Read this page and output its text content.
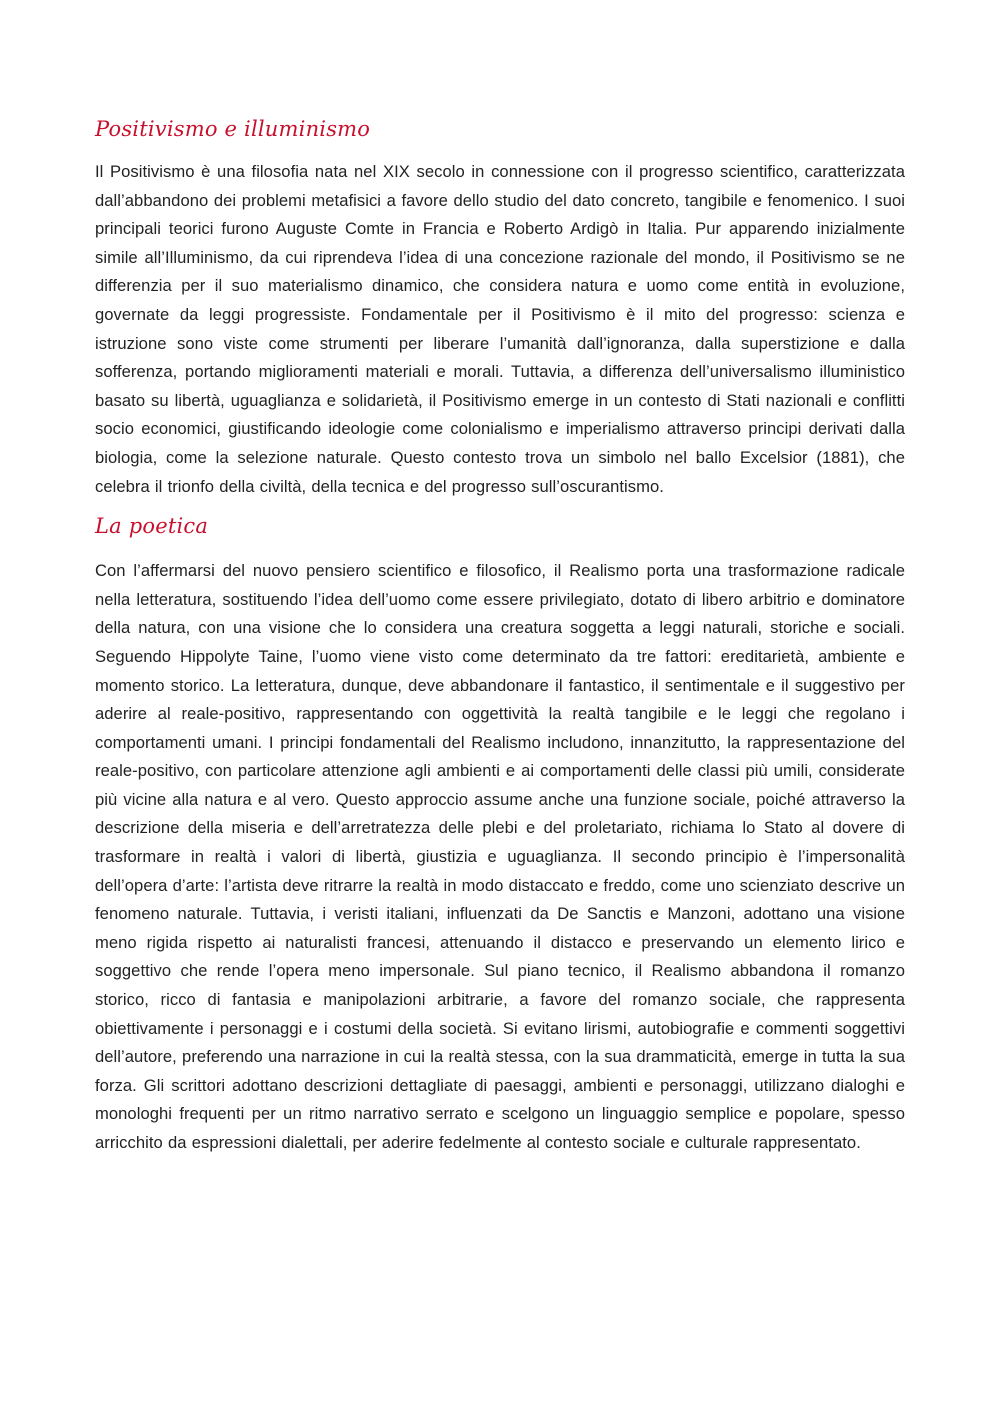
Positivismo e illuminismo

Il Positivismo è una filosofia nata nel XIX secolo in connessione con il progresso scientifico, caratterizzata dall’abbandono dei problemi metafisici a favore dello studio del dato concreto, tangibile e fenomenico. I suoi principali teorici furono Auguste Comte in Francia e Roberto Ardigò in Italia. Pur apparendo inizialmente simile all’Illuminismo, da cui riprendeva l’idea di una concezione razionale del mondo, il Positivismo se ne differenzia per il suo materialismo dinamico, che considera natura e uomo come entità in evoluzione, governate da leggi progressiste. Fondamentale per il Positivismo è il mito del progresso: scienza e istruzione sono viste come strumenti per liberare l’umanità dall’ignoranza, dalla superstizione e dalla sofferenza, portando miglioramenti materiali e morali. Tuttavia, a differenza dell’universalismo illuministico basato su libertà, uguaglianza e solidarietà, il Positivismo emerge in un contesto di Stati nazionali e conflitti socio economici, giustificando ideologie come colonialismo e imperialismo attraverso principi derivati dalla biologia, come la selezione naturale. Questo contesto trova un simbolo nel ballo Excelsior (1881), che celebra il trionfo della civiltà, della tecnica e del progresso sull’oscurantismo.

La poetica

Con l’affermarsi del nuovo pensiero scientifico e filosofico, il Realismo porta una trasformazione radicale nella letteratura, sostituendo l’idea dell’uomo come essere privilegiato, dotato di libero arbitrio e dominatore della natura, con una visione che lo considera una creatura soggetta a leggi naturali, storiche e sociali. Seguendo Hippolyte Taine, l’uomo viene visto come determinato da tre fattori: ereditarietà, ambiente e momento storico. La letteratura, dunque, deve abbandonare il fantastico, il sentimentale e il suggestivo per aderire al reale-positivo, rappresentando con oggettività la realtà tangibile e le leggi che regolano i comportamenti umani. I principi fondamentali del Realismo includono, innanzitutto, la rappresentazione del reale-positivo, con particolare attenzione agli ambienti e ai comportamenti delle classi più umili, considerate più vicine alla natura e al vero. Questo approccio assume anche una funzione sociale, poiché attraverso la descrizione della miseria e dell’arretratezza delle plebi e del proletariato, richiama lo Stato al dovere di trasformare in realtà i valori di libertà, giustizia e uguaglianza. Il secondo principio è l’impersonalità dell’opera d’arte: l’artista deve ritrarre la realtà in modo distaccato e freddo, come uno scienziato descrive un fenomeno naturale. Tuttavia, i veristi italiani, influenzati da De Sanctis e Manzoni, adottano una visione meno rigida rispetto ai naturalisti francesi, attenuando il distacco e preservando un elemento lirico e soggettivo che rende l’opera meno impersonale. Sul piano tecnico, il Realismo abbandona il romanzo storico, ricco di fantasia e manipolazioni arbitrarie, a favore del romanzo sociale, che rappresenta obiettivamente i personaggi e i costumi della società. Si evitano lirismi, autobiografie e commenti soggettivi dell’autore, preferendo una narrazione in cui la realtà stessa, con la sua drammaticità, emerge in tutta la sua forza. Gli scrittori adottano descrizioni dettagliate di paesaggi, ambienti e personaggi, utilizzano dialoghi e monologhi frequenti per un ritmo narrativo serrato e scelgono un linguaggio semplice e popolare, spesso arricchito da espressioni dialettali, per aderire fedelmente al contesto sociale e culturale rappresentato.
